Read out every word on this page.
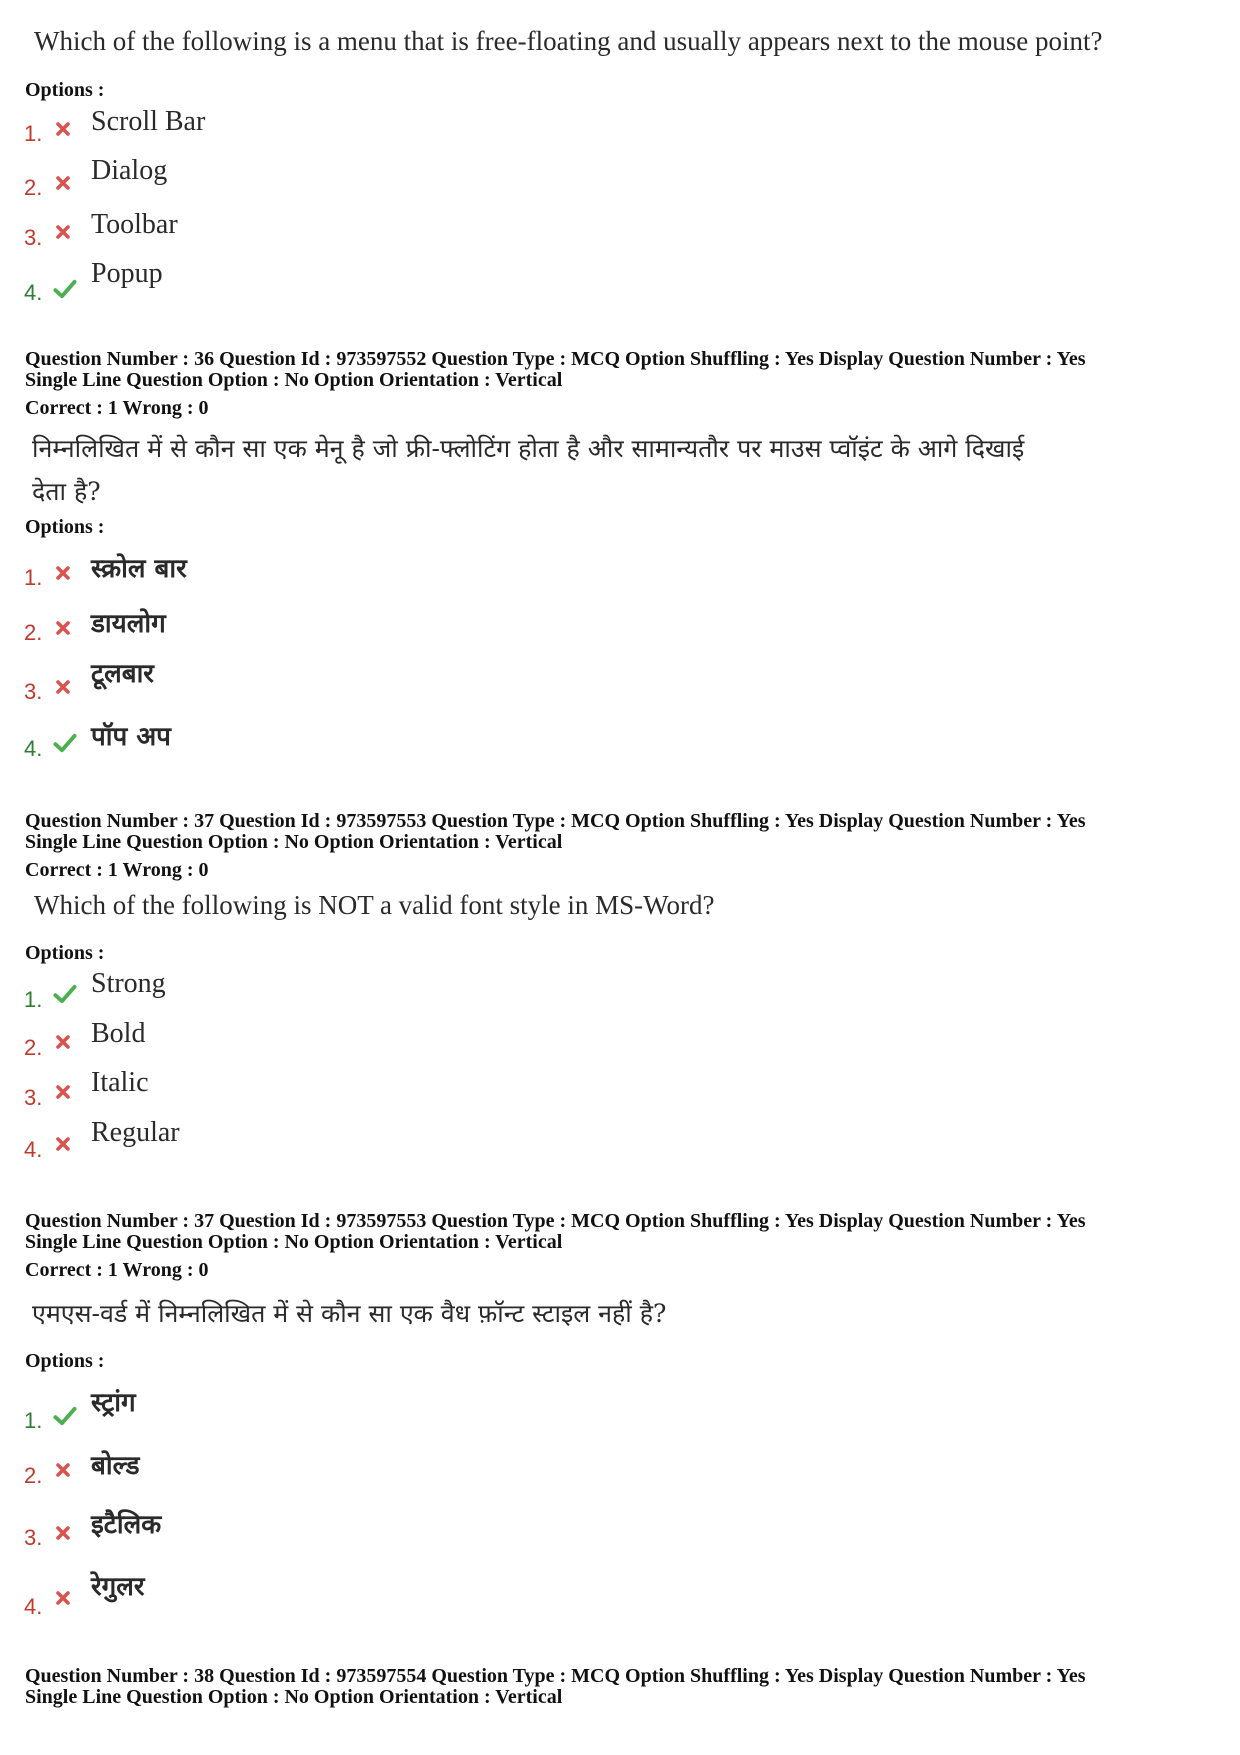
Which of the following is a menu that is free-floating and usually appears next to the mouse point?
Options :
1. Scroll Bar
2.
Dialog
3. Toolbar
4.
Popup
Question Number : 36 Question Id : 973597552 Question Type : MCQ Option Shuffling : Yes Display Question Number : Yes
Single Line Question Option : No Option Orientation : Vertical
Correct : 1 Wrong : 0
निम्नलिखित में से कौन सा एक मेनू है जो फ्री-फ्लोटिंग होता है और सामान्यतौर पर माउस प्वॉइंट के आगे दिखाई
देता है?
Options :
1. स्क्रोल बार
2. डायलोग
3.
टूलबार
4. पॉप अप
Question Number : 37 Question Id : 973597553 Question Type : MCQ Option Shuffling : Yes Display Question Number : Yes
Single Line Question Option : No Option Orientation : Vertical
Correct : 1 Wrong : 0
Which of the following is NOT a valid font style in MS-Word?
Options :
1.
Strong
2. Bold
3. Italic
4.
Regular
Question Number : 37 Question Id : 973597553 Question Type : MCQ Option Shuffling : Yes Display Question Number : Yes
Single Line Question Option : No Option Orientation : Vertical
Correct : 1 Wrong : 0
एमएस-वर्ड में निम्नलिखित में से कौन सा एक वैध फ़ॉन्ट स्टाइल नहीं है?
Options :
1.
स्ट्रांग
2. बोल्ड
3. इटैलिक
4.
रेगुलर
Question Number : 38 Question Id : 973597554 Question Type : MCQ Option Shuffling : Yes Display Question Number : Yes
Single Line Question Option : No Option Orientation : Vertical
